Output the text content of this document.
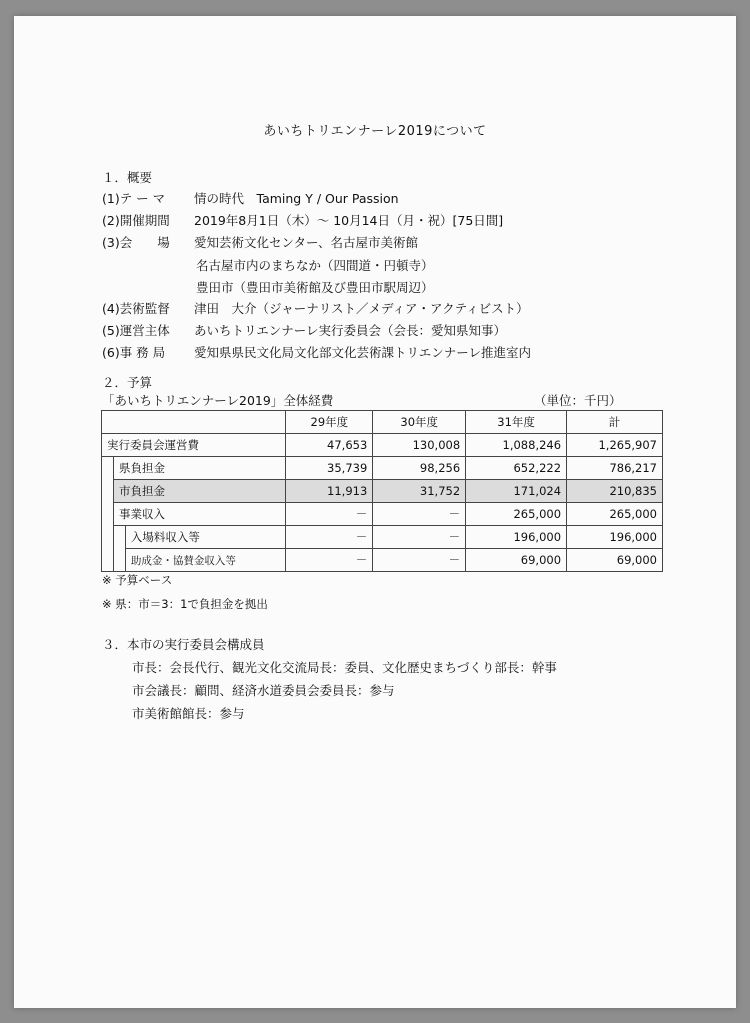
あいちトリエンナーレ2019について
１．概要
(1)テ ー マ 情の時代　Taming Y / Our Passion
(2)開催期間 2019年8月1日（木）～ 10月14日（月・祝）[75日間]
(3)会　　場 愛知芸術文化センター、名古屋市美術館
名古屋市内のまちなか（四間道・円頓寺）
豊田市（豊田市美術館及び豊田市駅周辺）
(4)芸術監督 津田　大介（ジャーナリスト／メディア・アクティビスト）
(5)運営主体 あいちトリエンナーレ実行委員会（会長：愛知県知事）
(6)事 務 局 愛知県県民文化局文化部文化芸術課トリエンナーレ推進室内
２．予算
「あいちトリエンナーレ2019」全体経費	（単位：千円）
			29年度	30年度	31年度	計
実行委員会運営費			47,653	130,008	1,088,246	1,265,907
	県負担金		35,739	98,256	652,222	786,217
	市負担金		11,913	31,752	171,024	210,835
	事業収入		－	－	265,000	265,000
		入場料収入等	－	－	196,000	196,000
		助成金・協賛金収入等	－	－	69,000	69,000
※ 予算ベース
※ 県：市＝3：1で負担金を拠出
３．本市の実行委員会構成員
市長：会長代行、観光文化交流局長：委員、文化歴史まちづくり部長：幹事
市会議長：顧問、経済水道委員会委員長：参与
市美術館館長：参与
